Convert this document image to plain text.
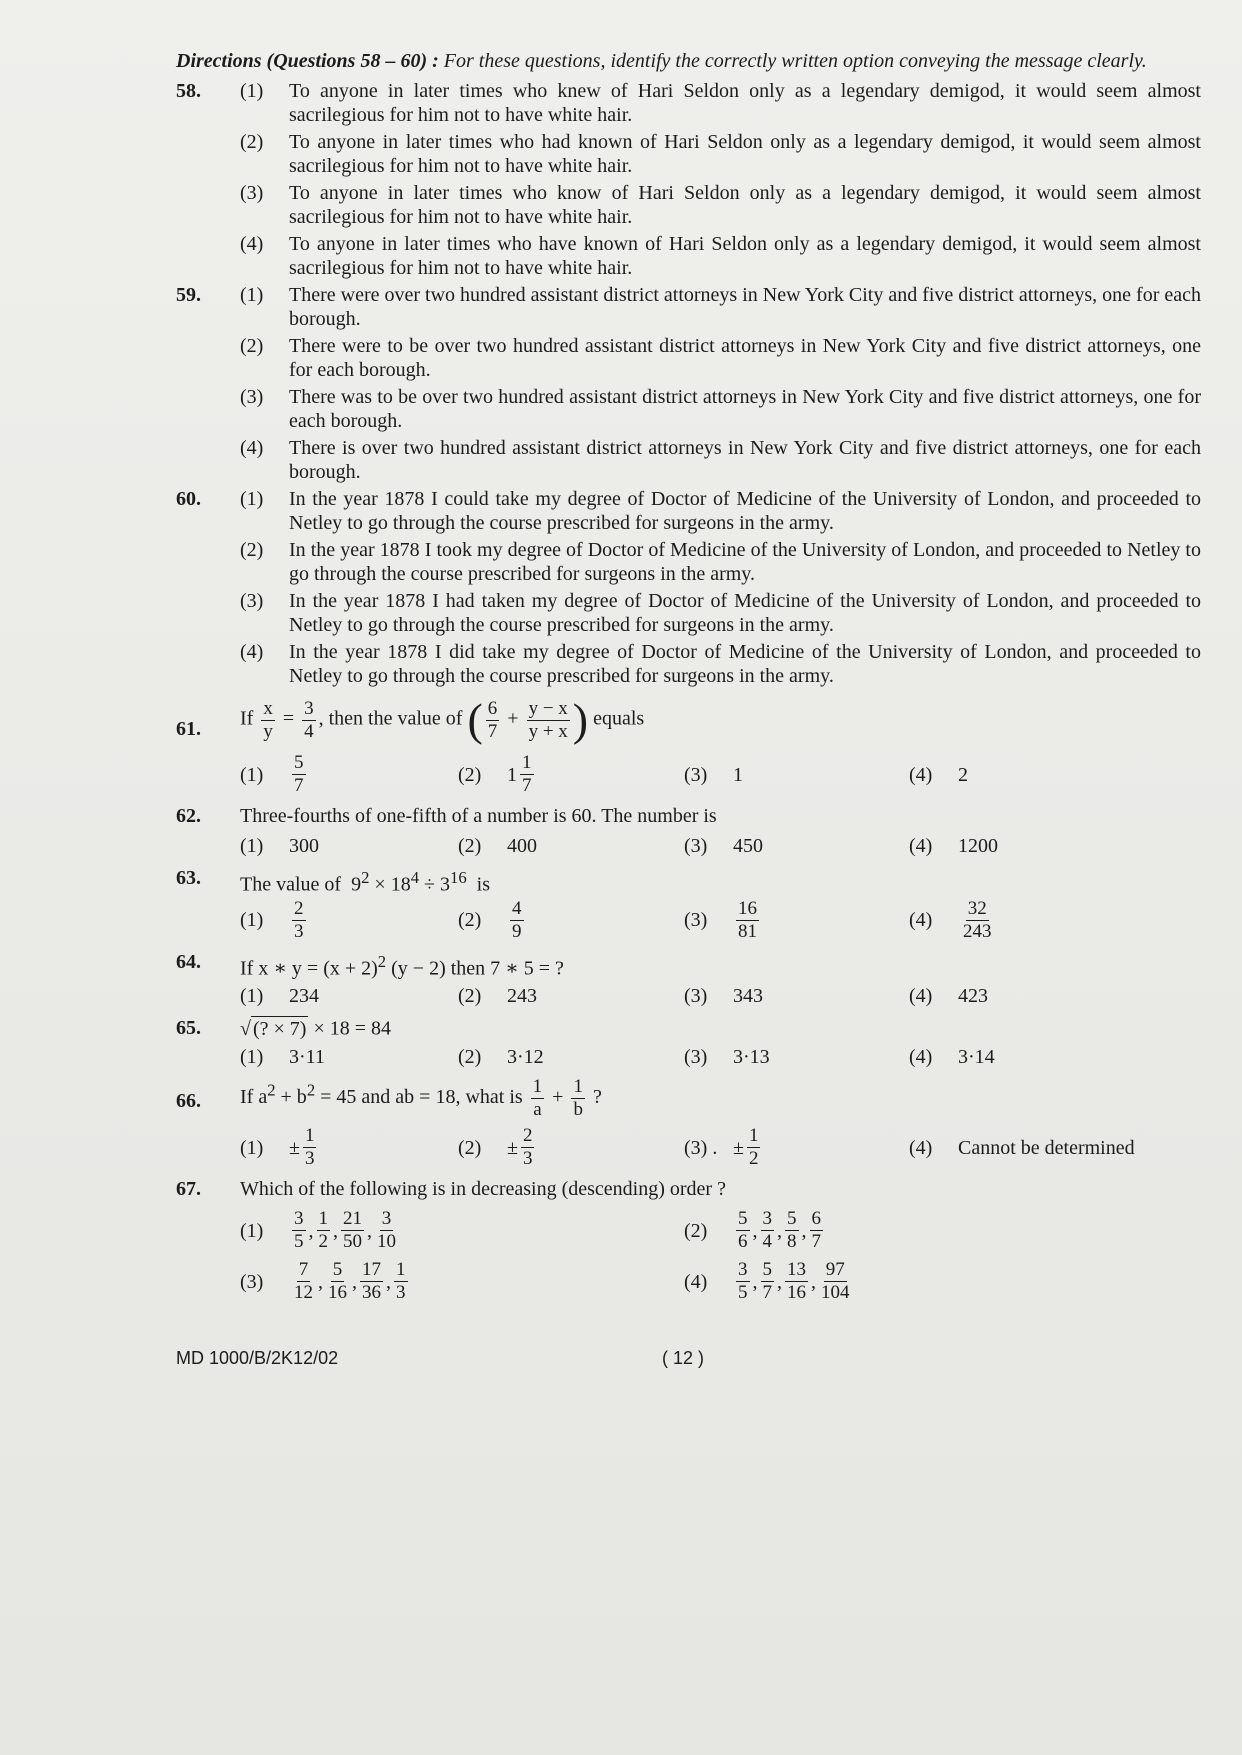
Directions (Questions 58 – 60) : For these questions, identify the correctly written option conveying the message clearly.
58. (1) To anyone in later times who knew of Hari Seldon only as a legendary demigod, it would seem almost sacrilegious for him not to have white hair.
(2) To anyone in later times who had known of Hari Seldon only as a legendary demigod, it would seem almost sacrilegious for him not to have white hair.
(3) To anyone in later times who know of Hari Seldon only as a legendary demigod, it would seem almost sacrilegious for him not to have white hair.
(4) To anyone in later times who have known of Hari Seldon only as a legendary demigod, it would seem almost sacrilegious for him not to have white hair.
59. (1) There were over two hundred assistant district attorneys in New York City and five district attorneys, one for each borough.
(2) There were to be over two hundred assistant district attorneys in New York City and five district attorneys, one for each borough.
(3) There was to be over two hundred assistant district attorneys in New York City and five district attorneys, one for each borough.
(4) There is over two hundred assistant district attorneys in New York City and five district attorneys, one for each borough.
60. (1) In the year 1878 I could take my degree of Doctor of Medicine of the University of London, and proceeded to Netley to go through the course prescribed for surgeons in the army.
(2) In the year 1878 I took my degree of Doctor of Medicine of the University of London, and proceeded to Netley to go through the course prescribed for surgeons in the army.
(3) In the year 1878 I had taken my degree of Doctor of Medicine of the University of London, and proceeded to Netley to go through the course prescribed for surgeons in the army.
(4) In the year 1878 I did take my degree of Doctor of Medicine of the University of London, and proceeded to Netley to go through the course prescribed for surgeons in the army.
61. If $\frac{x}{y} = \frac{3}{4}$ , then the value of ( $\frac{6}{7} + \frac{y - x}{y + x}$ ) equals
(1)	$\frac{5}{7}$	(2)	$1 \frac{1}{7}$	(3)	1	(4)	2
62. Three-fourths of one-fifth of a number is 60. The number is
(1)	300	(2)	400	(3)	450	(4)	1200
63. The value of $9^2 \times 18^4 \div 3^{16}$ is
(1)	$\frac{2}{3}$	(2)	$\frac{4}{9}$	(3)	$\frac{16}{81}$	(4)	$\frac{32}{243}$
64. If x ∗ $y = (x + 2)^2$ (y − 2) then 7 ∗ 5 = ?
(1)	234	(2)	243	(3)	343	(4)	423
65. √ (? × 7) × 18 = 84
(1)	3·11	(2)	3·12	(3)	3·13	(4)	3·14
66. If $a^2 + b^2 = 45$ and ab = 18, what is $\frac{1}{a} + \frac{1}{b}$ ?
(1)	± $\frac{1}{3}$	(2)	± $\frac{2}{3}$	(3) . ± $\frac{1}{2}$	(4)	Cannot be determined
67. Which of the following is in decreasing (descending) order ?
(1)	$\frac{3}{5}$ , $\frac{1}{2}$ , $\frac{21}{50}$ , $\frac{3}{10}$	(2)	$\frac{5}{6}$ , $\frac{3}{4}$ , $\frac{5}{8}$ , $\frac{6}{7}$
(3)	$\frac{7}{12}$ , $\frac{5}{16}$ , $\frac{17}{36}$ , $\frac{1}{3}$	(4)	$\frac{3}{5}$ , $\frac{5}{7}$ , $\frac{13}{16}$ , $\frac{97}{104}$
MD 1000/B/2K12/02	( 12 )
